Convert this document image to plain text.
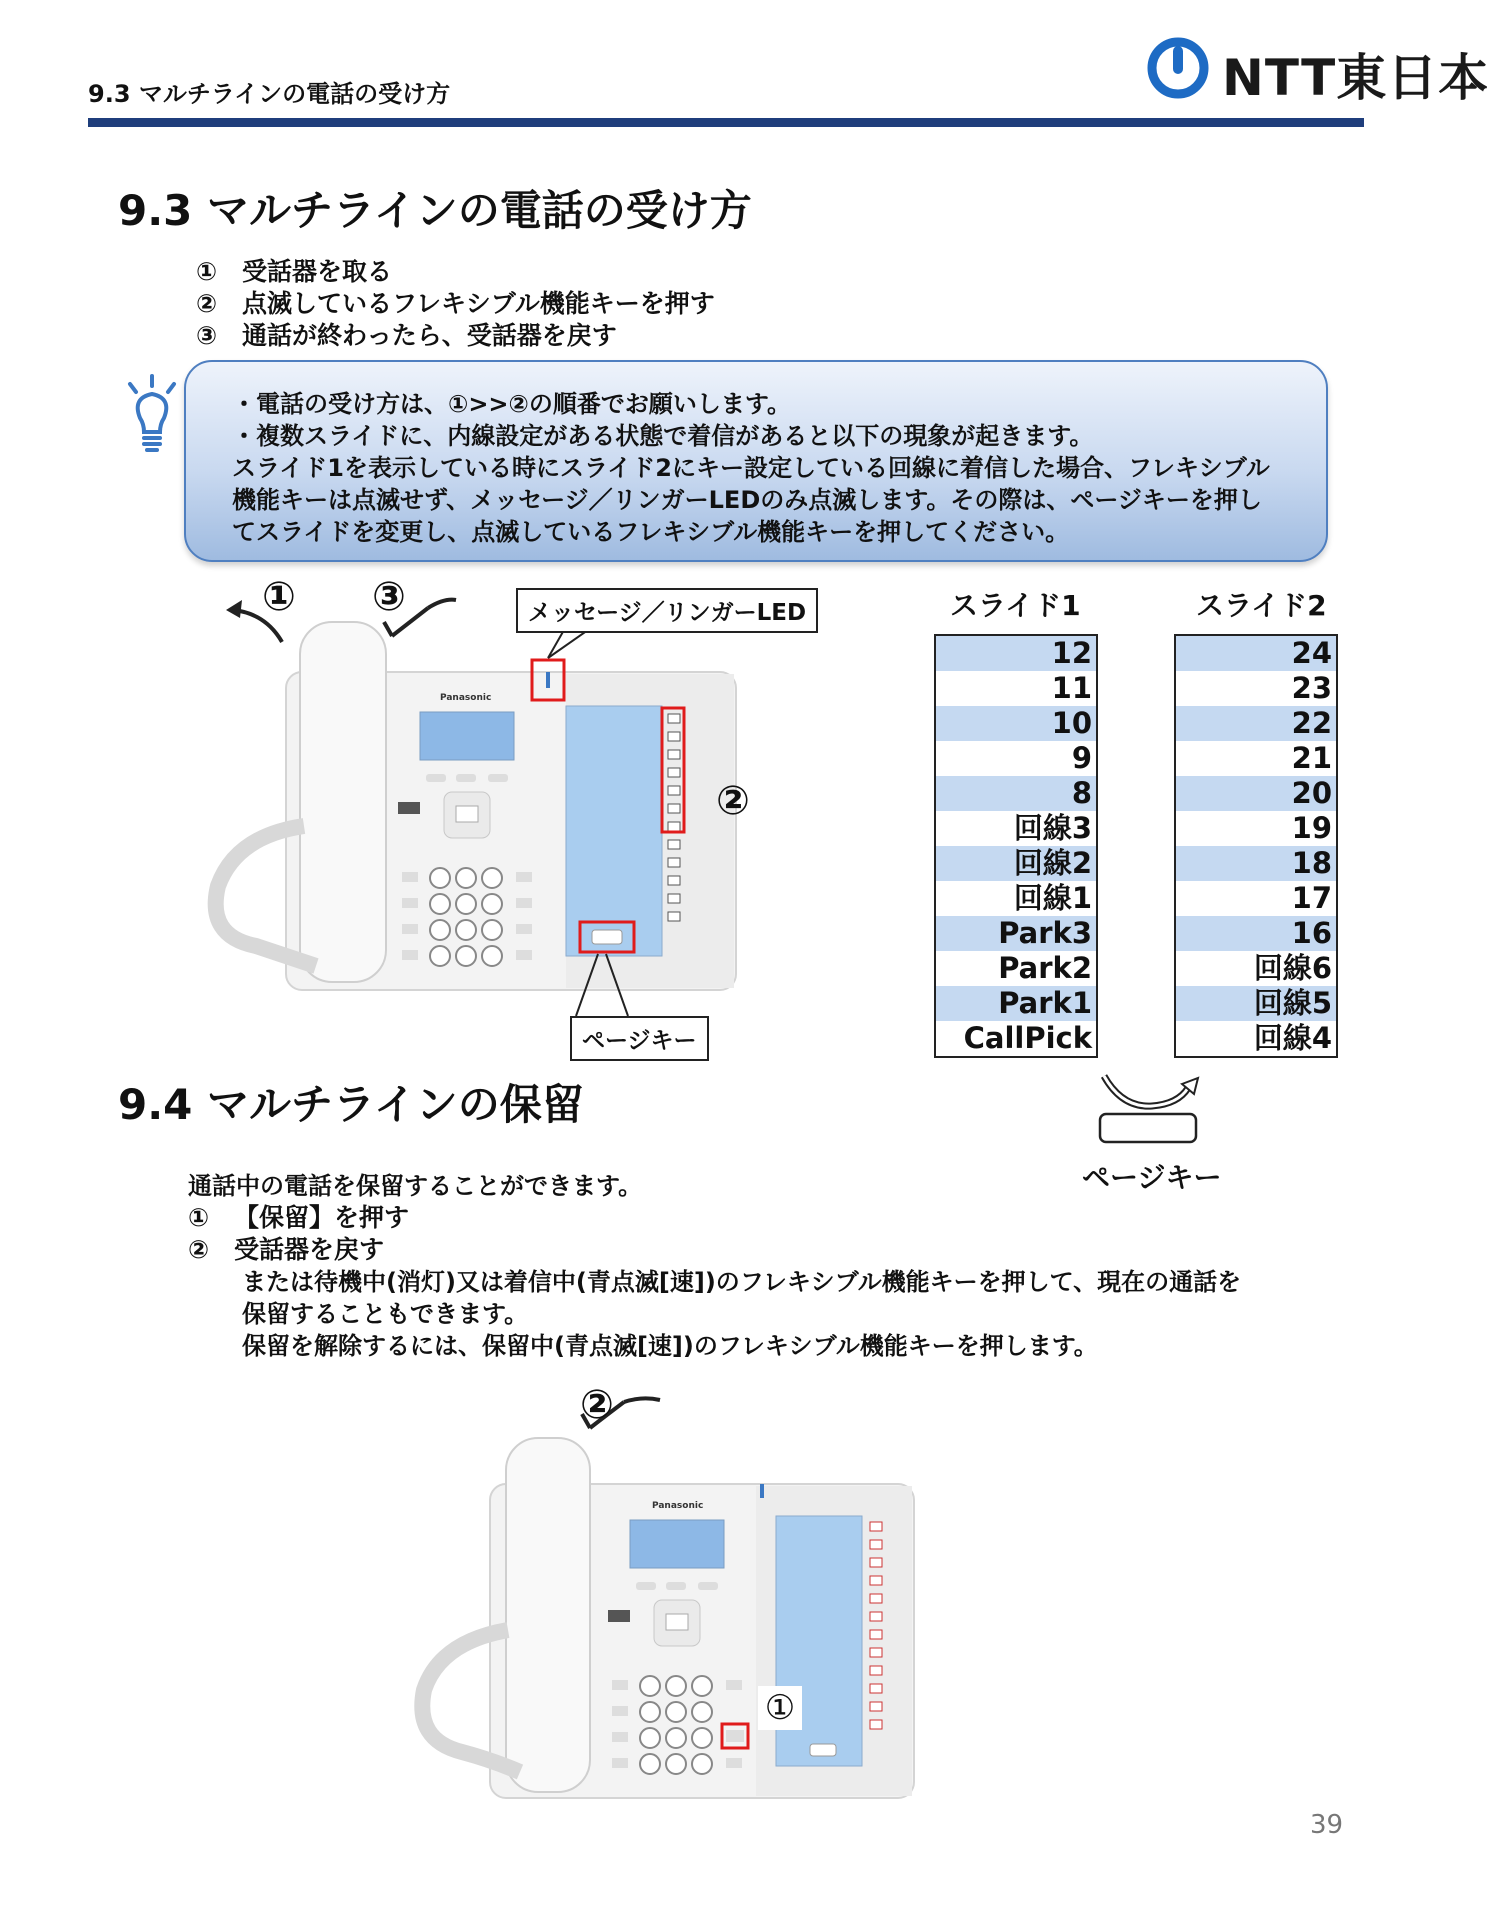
9.3 マルチラインの電話の受け方	NTT東日本
9.3 マルチラインの電話の受け方
① 受話器を取る
② 点滅しているフレキシブル機能キーを押す
③ 通話が終わったら、受話器を戻す
・電話の受け方は、①>>②の順番でお願いします。
・複数スライドに、内線設定がある状態で着信があると以下の現象が起きます。
スライド1を表示している時にスライド2にキー設定している回線に着信した場合、フレキシブル
機能キーは点滅せず、メッセージ／リンガーLEDのみ点滅します。その際は、ページキーを押し
てスライドを変更し、点滅しているフレキシブル機能キーを押してください。
Panasonic
① ③
②
メッセージ／リンガーLED
ページキー
スライド1	スライド2
12
11
10
9
8
回線3
回線2
回線1
Park3
Park2
Park1
CallPick
24
23
22
21
20
19
18
17
16
回線6
回線5
回線4
ページキー
9.4 マルチラインの保留
通話中の電話を保留することができます。
① 【保留】を押す
② 受話器を戻す
または待機中(消灯)又は着信中(青点滅[速])のフレキシブル機能キーを押して、現在の通話を
保留することもできます。
保留を解除するには、保留中(青点滅[速])のフレキシブル機能キーを押します。
Panasonic
②
①
39
